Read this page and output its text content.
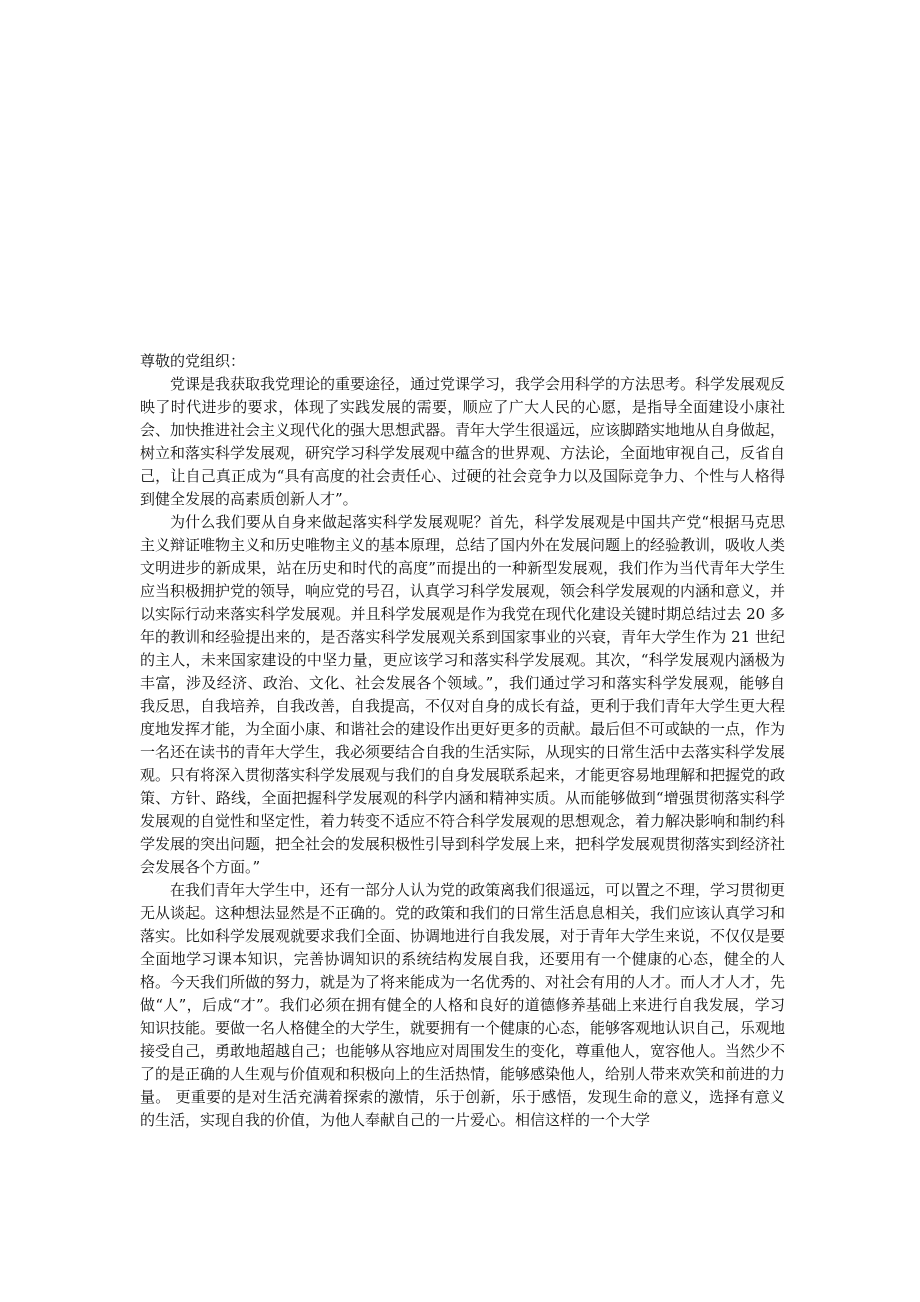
尊敬的党组织：

党课是我获取我党理论的重要途径，通过党课学习，我学会用科学的方法思考。科学发展观反映了时代进步的要求，体现了实践发展的需要，顺应了广大人民的心愿，是指导全面建设小康社会、加快推进社会主义现代化的强大思想武器。青年大学生很遥远，应该脚踏实地地从自身做起，树立和落实科学发展观，研究学习科学发展观中蕴含的世界观、方法论，全面地审视自己，反省自己，让自己真正成为“具有高度的社会责任心、过硬的社会竞争力以及国际竞争力、个性与人格得到健全发展的高素质创新人才”。

为什么我们要从自身来做起落实科学发展观呢？首先，科学发展观是中国共产党“根据马克思主义辩证唯物主义和历史唯物主义的基本原理，总结了国内外在发展问题上的经验教训，吸收人类文明进步的新成果，站在历史和时代的高度”而提出的一种新型发展观，我们作为当代青年大学生应当积极拥护党的领导，响应党的号召，认真学习科学发展观，领会科学发展观的内涵和意义，并以实际行动来落实科学发展观。并且科学发展观是作为我党在现代化建设关键时期总结过去 20 多年的教训和经验提出来的，是否落实科学发展观关系到国家事业的兴衰，青年大学生作为 21 世纪的主人，未来国家建设的中坚力量，更应该学习和落实科学发展观。其次，“科学发展观内涵极为丰富，涉及经济、政治、文化、社会发展各个领域。”，我们通过学习和落实科学发展观，能够自我反思，自我培养，自我改善，自我提高，不仅对自身的成长有益，更利于我们青年大学生更大程度地发挥才能，为全面小康、和谐社会的建设作出更好更多的贡献。最后但不可或缺的一点，作为一名还在读书的青年大学生，我必须要结合自我的生活实际，从现实的日常生活中去落实科学发展观。只有将深入贯彻落实科学发展观与我们的自身发展联系起来，才能更容易地理解和把握党的政策、方针、路线，全面把握科学发展观的科学内涵和精神实质。从而能够做到“增强贯彻落实科学发展观的自觉性和坚定性，着力转变不适应不符合科学发展观的思想观念，着力解决影响和制约科学发展的突出问题，把全社会的发展积极性引导到科学发展上来，把科学发展观贯彻落实到经济社会发展各个方面。”

在我们青年大学生中，还有一部分人认为党的政策离我们很遥远，可以置之不理，学习贯彻更无从谈起。这种想法显然是不正确的。党的政策和我们的日常生活息息相关，我们应该认真学习和落实。比如科学发展观就要求我们全面、协调地进行自我发展，对于青年大学生来说，不仅仅是要全面地学习课本知识，完善协调知识的系统结构发展自我，还要用有一个健康的心态，健全的人格。今天我们所做的努力，就是为了将来能成为一名优秀的、对社会有用的人才。而人才人才，先做“人”，后成“才”。我们必须在拥有健全的人格和良好的道德修养基础上来进行自我发展，学习知识技能。要做一名人格健全的大学生，就要拥有一个健康的心态，能够客观地认识自己，乐观地接受自己，勇敢地超越自己；也能够从容地应对周围发生的变化，尊重他人，宽容他人。当然少不了的是正确的人生观与价值观和积极向上的生活热情，能够感染他人，给别人带来欢笑和前进的力量。 更重要的是对生活充满着探索的激情，乐于创新，乐于感悟，发现生命的意义，选择有意义的生活，实现自我的价值，为他人奉献自己的一片爱心。相信这样的一个大学
